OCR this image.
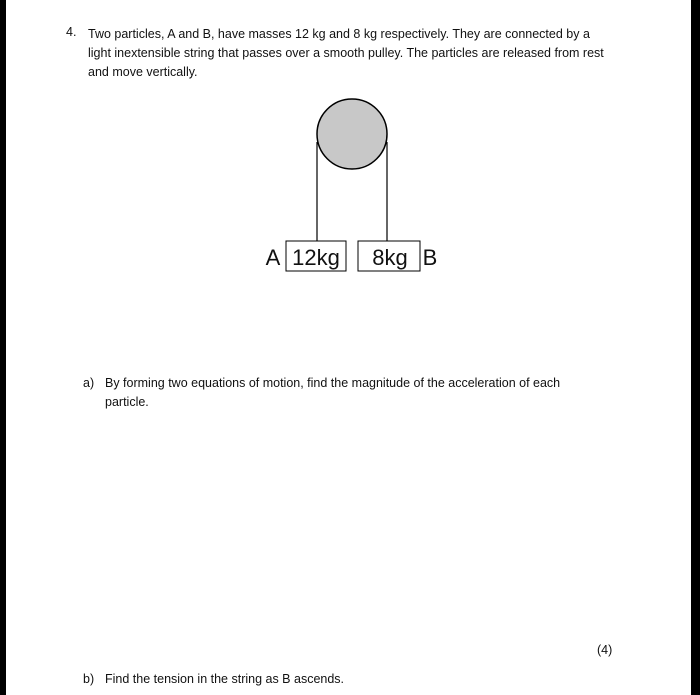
4. Two particles, A and B, have masses 12 kg and 8 kg respectively. They are connected by a light inextensible string that passes over a smooth pulley. The particles are released from rest and move vertically.
A 12kg 8kg B
a) By forming two equations of motion, find the magnitude of the acceleration of each particle.
(4)
b) Find the tension in the string as B ascends.
